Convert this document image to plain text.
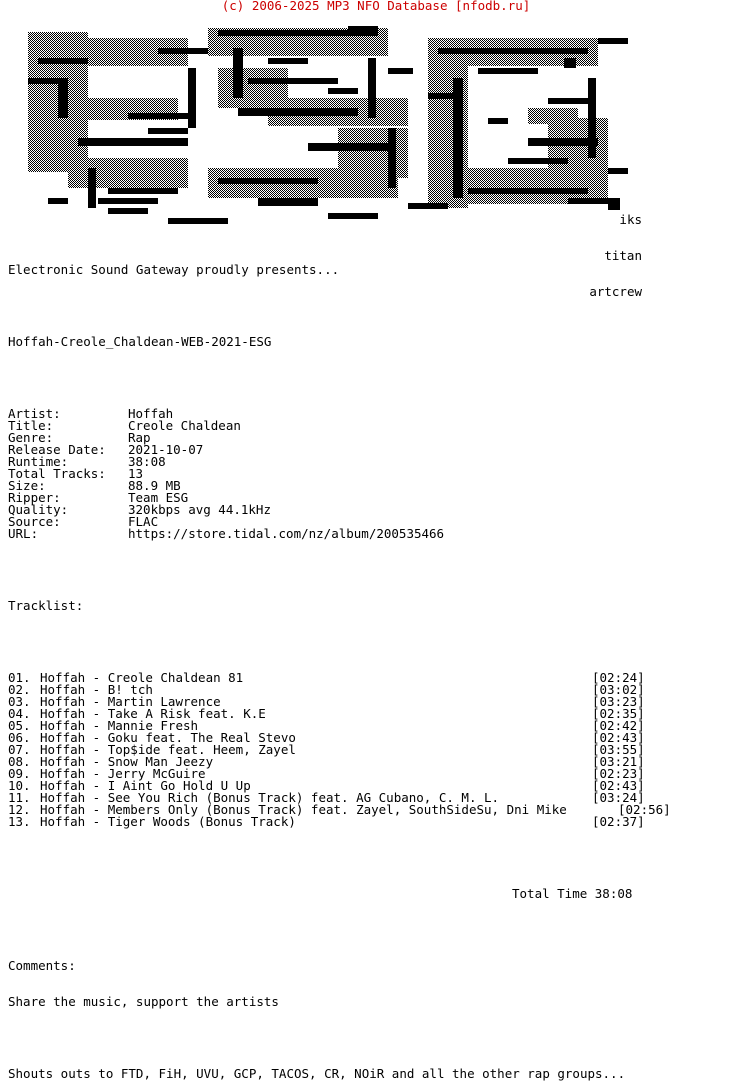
(c) 2006-2025 MP3 NFO Database [nfodb.ru]

iks

titan

artcrew

Electronic Sound Gateway proudly presents...

Hoffah-Creole_Chaldean-WEB-2021-ESG

Artist:	Hoffah
Title:	Creole Chaldean
Genre:	Rap
Release Date: 2021-10-07
Runtime:	38:08
Total Tracks: 13
Size:	88.9 MB
Ripper:	Team ESG
Quality:	320kbps avg 44.1kHz
Source:	FLAC
URL:	https://store.tidal.com/nz/album/200535466

Tracklist:

01. Hoffah - Creole Chaldean 81	[02:24]
02. Hoffah - B! tch	[03:02]
03. Hoffah - Martin Lawrence	[03:23]
04. Hoffah - Take A Risk feat. K.E	[02:35]
05. Hoffah - Mannie Fresh	[02:42]
06. Hoffah - Goku feat. The Real Stevo	[02:43]
07. Hoffah - Top$ide feat. Heem, Zayel	[03:55]
08. Hoffah - Snow Man Jeezy	[03:21]
09. Hoffah - Jerry McGuire	[02:23]
10. Hoffah - I Aint Go Hold U Up	[02:43]
11. Hoffah - See You Rich (Bonus Track) feat. AG Cubano, C. M. L.	[03:24]
12. Hoffah - Members Only (Bonus Track) feat. Zayel, SouthSideSu, Dni Mike	[02:56]
13. Hoffah - Tiger Woods (Bonus Track)	[02:37]

Total Time 38:08

Comments:

Share the music, support the artists

Shouts outs to FTD, FiH, UVU, GCP, TACOS, CR, NOiR and all the other rap groups...
